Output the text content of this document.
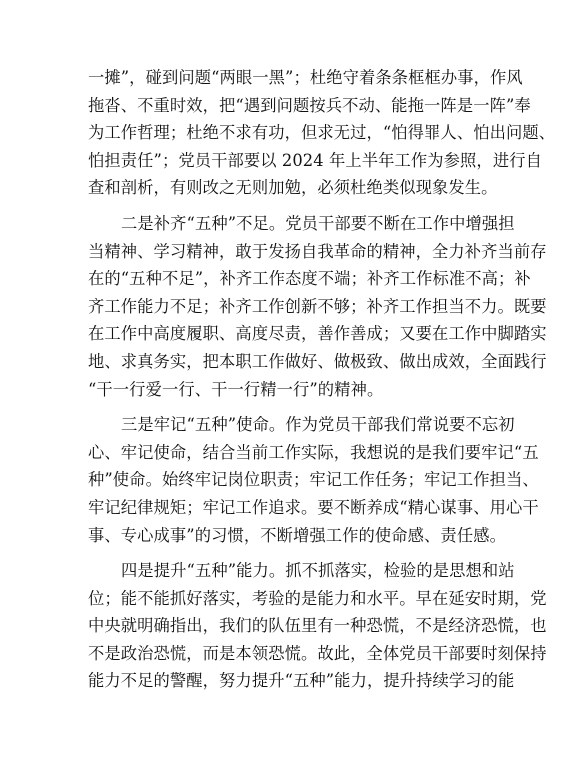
一摊”，碰到问题“两眼一黑”；杜绝守着条条框框办事，作风
拖沓、不重时效，把“遇到问题按兵不动、能拖一阵是一阵”奉
为工作哲理；杜绝不求有功，但求无过，“怕得罪人、怕出问题、
怕担责任”；党员干部要以 2024 年上半年工作为参照，进行自
查和剖析，有则改之无则加勉，必须杜绝类似现象发生。
二是补齐“五种”不足。党员干部要不断在工作中增强担
当精神、学习精神，敢于发扬自我革命的精神，全力补齐当前存
在的“五种不足”，补齐工作态度不端；补齐工作标准不高；补
齐工作能力不足；补齐工作创新不够；补齐工作担当不力。既要
在工作中高度履职、高度尽责，善作善成；又要在工作中脚踏实
地、求真务实，把本职工作做好、做极致、做出成效，全面践行
“干一行爱一行、干一行精一行”的精神。
三是牢记“五种”使命。作为党员干部我们常说要不忘初
心、牢记使命，结合当前工作实际，我想说的是我们要牢记“五
种”使命。始终牢记岗位职责；牢记工作任务；牢记工作担当、
牢记纪律规矩；牢记工作追求。要不断养成“精心谋事、用心干
事、专心成事”的习惯，不断增强工作的使命感、责任感。
四是提升“五种”能力。抓不抓落实，检验的是思想和站
位；能不能抓好落实，考验的是能力和水平。早在延安时期，党
中央就明确指出，我们的队伍里有一种恐慌，不是经济恐慌，也
不是政治恐慌，而是本领恐慌。故此，全体党员干部要时刻保持
能力不足的警醒，努力提升“五种”能力，提升持续学习的能
